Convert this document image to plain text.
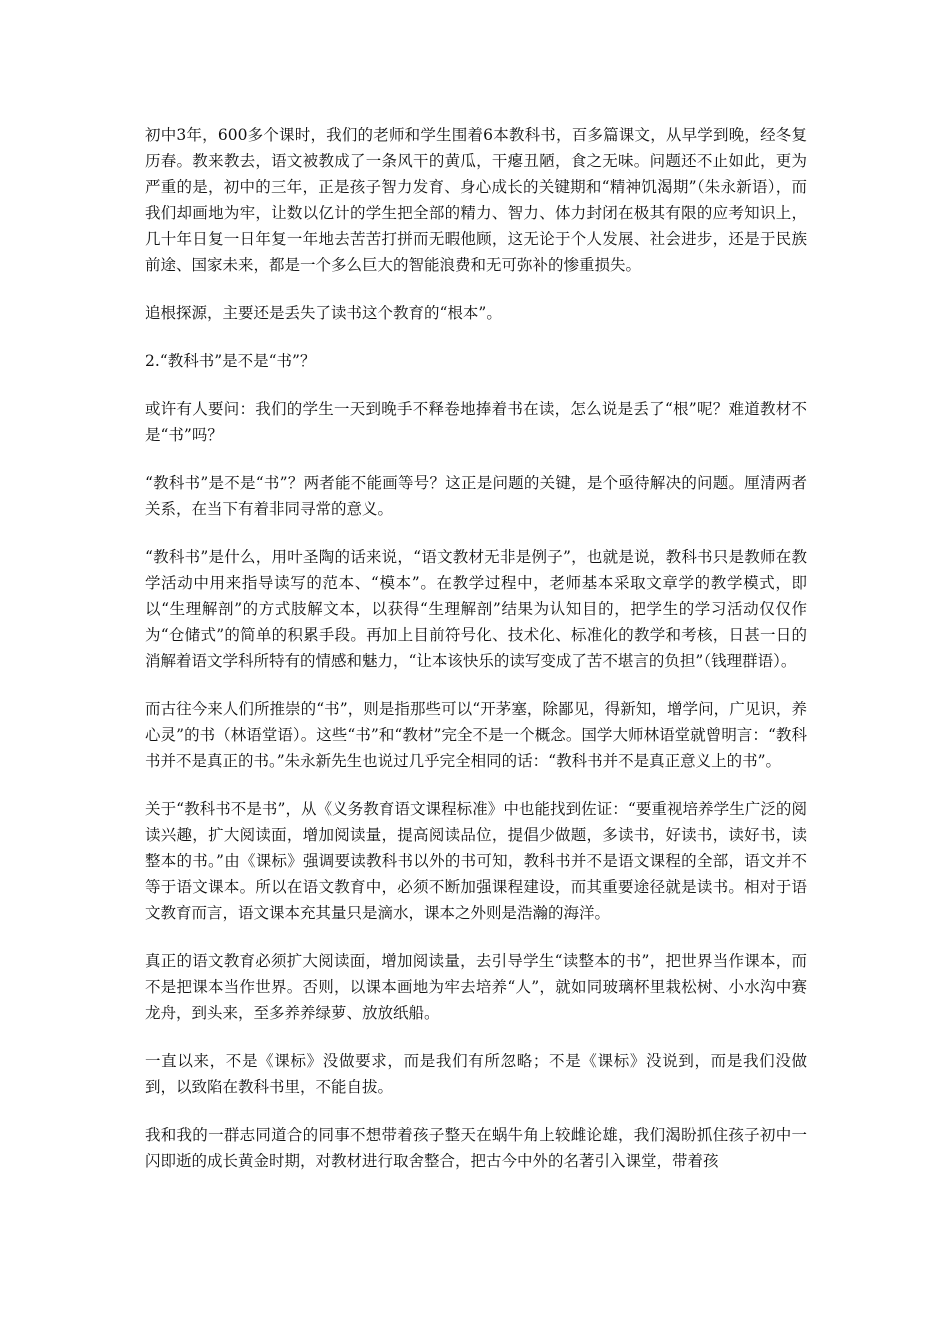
初中3年，600多个课时，我们的老师和学生围着6本教科书，百多篇课文，从早学到晚，经冬复历春。教来教去，语文被教成了一条风干的黄瓜，干瘪丑陋，食之无味。问题还不止如此，更为严重的是，初中的三年，正是孩子智力发育、身心成长的关键期和“精神饥渴期”（朱永新语），而我们却画地为牢，让数以亿计的学生把全部的精力、智力、体力封闭在极其有限的应考知识上，几十年日复一日年复一年地去苦苦打拼而无暇他顾，这无论于个人发展、社会进步，还是于民族前途、国家未来，都是一个多么巨大的智能浪费和无可弥补的惨重损失。

追根探源，主要还是丢失了读书这个教育的“根本”。

2.“教科书”是不是“书”？

或许有人要问：我们的学生一天到晚手不释卷地捧着书在读，怎么说是丢了“根”呢？难道教材不是“书”吗？

“教科书”是不是“书”？两者能不能画等号？这正是问题的关键，是个亟待解决的问题。厘清两者关系，在当下有着非同寻常的意义。

“教科书”是什么，用叶圣陶的话来说，“语文教材无非是例子”，也就是说，教科书只是教师在教学活动中用来指导读写的范本、“模本”。在教学过程中，老师基本采取文章学的教学模式，即以“生理解剖”的方式肢解文本，以获得“生理解剖”结果为认知目的，把学生的学习活动仅仅作为“仓储式”的简单的积累手段。再加上目前符号化、技术化、标准化的教学和考核，日甚一日的消解着语文学科所特有的情感和魅力，“让本该快乐的读写变成了苦不堪言的负担”（钱理群语）。

而古往今来人们所推崇的“书”，则是指那些可以“开茅塞，除鄙见，得新知，增学问，广见识，养心灵”的书（林语堂语）。这些“书”和“教材”完全不是一个概念。国学大师林语堂就曾明言：“教科书并不是真正的书。”朱永新先生也说过几乎完全相同的话：“教科书并不是真正意义上的书”。

关于“教科书不是书”，从《义务教育语文课程标准》中也能找到佐证：“要重视培养学生广泛的阅读兴趣，扩大阅读面，增加阅读量，提高阅读品位，提倡少做题，多读书，好读书，读好书，读整本的书。”由《课标》强调要读教科书以外的书可知，教科书并不是语文课程的全部，语文并不等于语文课本。所以在语文教育中，必须不断加强课程建设，而其重要途径就是读书。相对于语文教育而言，语文课本充其量只是滴水，课本之外则是浩瀚的海洋。

真正的语文教育必须扩大阅读面，增加阅读量，去引导学生“读整本的书”，把世界当作课本，而不是把课本当作世界。否则，以课本画地为牢去培养“人”，就如同玻璃杯里栽松树、小水沟中赛龙舟，到头来，至多养养绿萝、放放纸船。

一直以来，不是《课标》没做要求，而是我们有所忽略；不是《课标》没说到，而是我们没做到，以致陷在教科书里，不能自拔。

我和我的一群志同道合的同事不想带着孩子整天在蜗牛角上较雌论雄，我们渴盼抓住孩子初中一闪即逝的成长黄金时期，对教材进行取舍整合，把古今中外的名著引入课堂，带着孩
